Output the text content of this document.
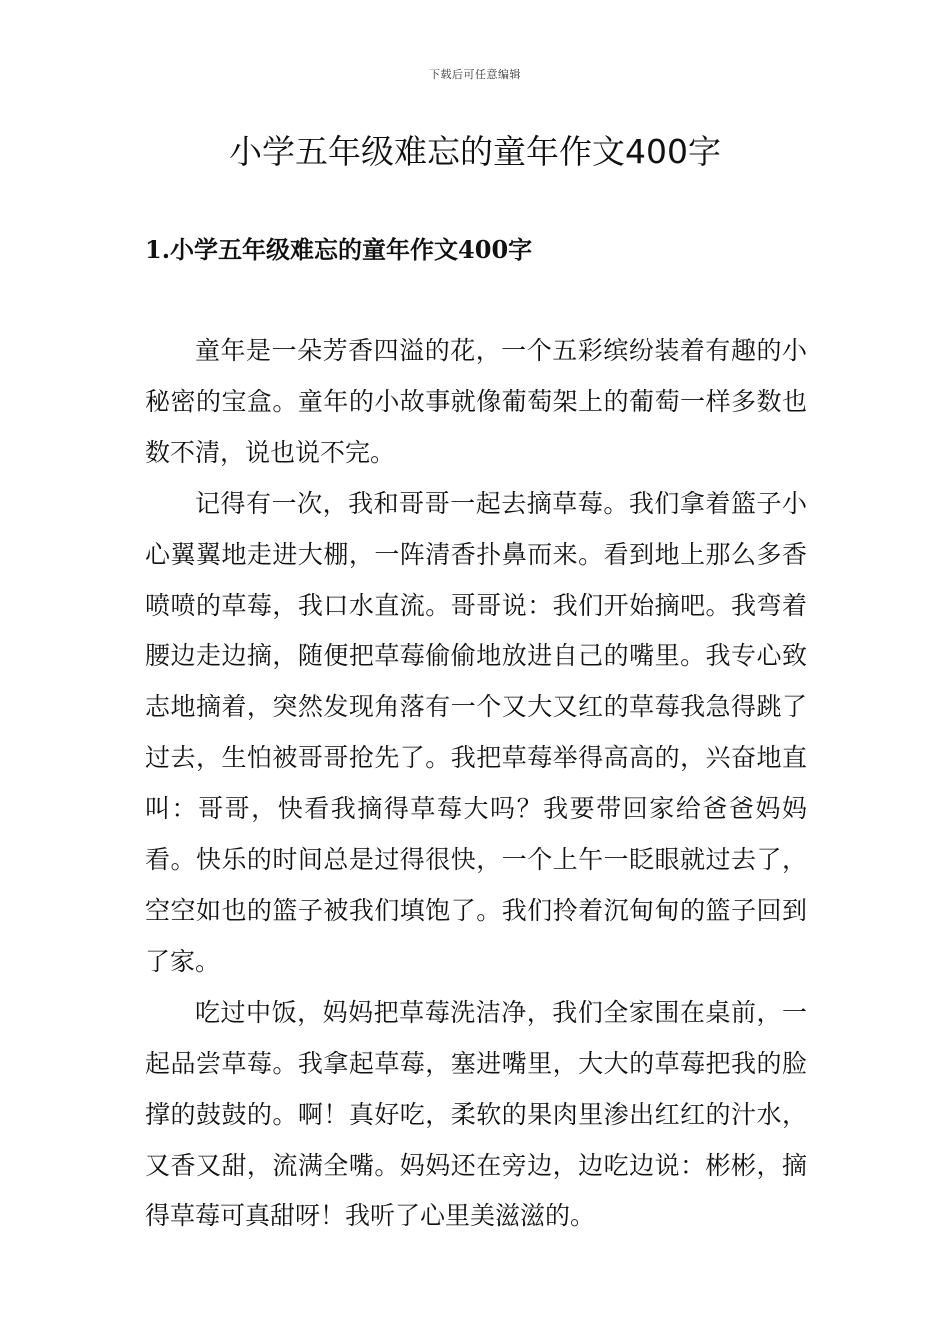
下载后可任意编辑
小学五年级难忘的童年作文400字
1.小学五年级难忘的童年作文400字

童年是一朵芳香四溢的花，一个五彩缤纷装着有趣的小秘密的宝盒。童年的小故事就像葡萄架上的葡萄一样多数也数不清，说也说不完。

记得有一次，我和哥哥一起去摘草莓。我们拿着篮子小心翼翼地走进大棚，一阵清香扑鼻而来。看到地上那么多香喷喷的草莓，我口水直流。哥哥说：我们开始摘吧。我弯着腰边走边摘，随便把草莓偷偷地放进自己的嘴里。我专心致志地摘着，突然发现角落有一个又大又红的草莓我急得跳了过去，生怕被哥哥抢先了。我把草莓举得高高的，兴奋地直叫：哥哥，快看我摘得草莓大吗？我要带回家给爸爸妈妈看。快乐的时间总是过得很快，一个上午一眨眼就过去了，空空如也的篮子被我们填饱了。我们拎着沉甸甸的篮子回到了家。

吃过中饭，妈妈把草莓洗洁净，我们全家围在桌前，一起品尝草莓。我拿起草莓，塞进嘴里，大大的草莓把我的脸撑的鼓鼓的。啊！真好吃，柔软的果肉里渗出红红的汁水，又香又甜，流满全嘴。妈妈还在旁边，边吃边说：彬彬，摘得草莓可真甜呀！我听了心里美滋滋的。
